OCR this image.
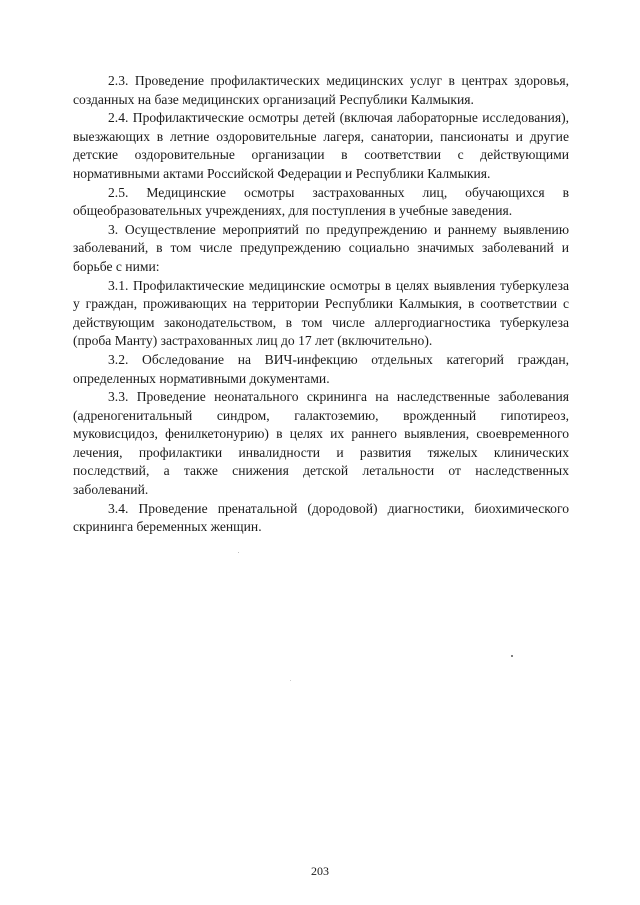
2.3. Проведение профилактических медицинских услуг в центрах здоровья, созданных на базе медицинских организаций Республики Калмыкия.

2.4. Профилактические осмотры детей (включая лабораторные исследования), выезжающих в летние оздоровительные лагеря, санатории, пансионаты и другие детские оздоровительные организации в соответствии с действующими нормативными актами Российской Федерации и Республики Калмыкия.

2.5. Медицинские осмотры застрахованных лиц, обучающихся в общеобразовательных учреждениях, для поступления в учебные заведения.

3. Осуществление мероприятий по предупреждению и раннему выявлению заболеваний, в том числе предупреждению социально значимых заболеваний и борьбе с ними:

3.1. Профилактические медицинские осмотры в целях выявления туберкулеза у граждан, проживающих на территории Республики Калмыкия, в соответствии с действующим законодательством, в том числе аллергодиагностика туберкулеза (проба Манту) застрахованных лиц до 17 лет (включительно).

3.2. Обследование на ВИЧ-инфекцию отдельных категорий граждан, определенных нормативными документами.

3.3. Проведение неонатального скрининга на наследственные заболевания (адреногенитальный синдром, галактоземию, врожденный гипотиреоз, муковисцидоз, фенилкетонурию) в целях их раннего выявления, своевременного лечения, профилактики инвалидности и развития тяжелых клинических последствий, а также снижения детской летальности от наследственных заболеваний.

3.4. Проведение пренатальной (дородовой) диагностики, биохимического скрининга беременных женщин.

203
